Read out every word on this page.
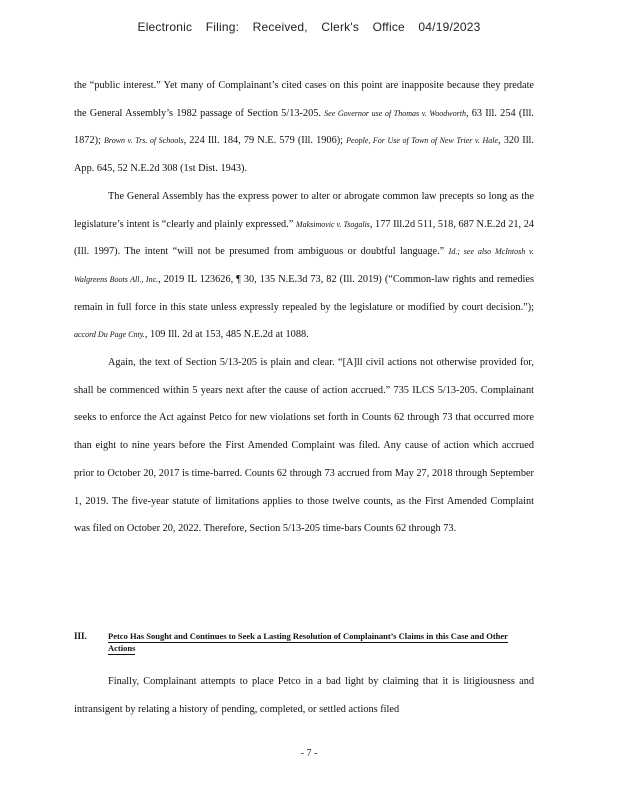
Electronic Filing: Received, Clerk's Office 04/19/2023

the “public interest.” Yet many of Complainant’s cited cases on this point are inapposite because they predate the General Assembly’s 1982 passage of Section 5/13-205. See Governor use of Thomas v. Woodworth, 63 Ill. 254 (Ill. 1872); Brown v. Trs. of Schools, 224 Ill. 184, 79 N.E. 579 (Ill. 1906); People, For Use of Town of New Trier v. Hale, 320 Ill. App. 645, 52 N.E.2d 308 (1st Dist. 1943).

The General Assembly has the express power to alter or abrogate common law precepts so long as the legislature’s intent is “clearly and plainly expressed.” Maksimovic v. Tsogalis, 177 Ill.2d 511, 518, 687 N.E.2d 21, 24 (Ill. 1997). The intent “will not be presumed from ambiguous or doubtful language.” Id.; see also McIntosh v. Walgreens Boots All., Inc., 2019 IL 123626, ¶ 30, 135 N.E.3d 73, 82 (Ill. 2019) (“Common-law rights and remedies remain in full force in this state unless expressly repealed by the legislature or modified by court decision.”); accord Du Page Cnty., 109 Ill. 2d at 153, 485 N.E.2d at 1088.

Again, the text of Section 5/13-205 is plain and clear. “[A]ll civil actions not otherwise provided for, shall be commenced within 5 years next after the cause of action accrued.” 735 ILCS 5/13-205. Complainant seeks to enforce the Act against Petco for new violations set forth in Counts 62 through 73 that occurred more than eight to nine years before the First Amended Complaint was filed. Any cause of action which accrued prior to October 20, 2017 is time-barred. Counts 62 through 73 accrued from May 27, 2018 through September 1, 2019. The five-year statute of limitations applies to those twelve counts, as the First Amended Complaint was filed on October 20, 2022. Therefore, Section 5/13-205 time-bars Counts 62 through 73.

III. Petco Has Sought and Continues to Seek a Lasting Resolution of Complainant’s Claims in this Case and Other Actions

Finally, Complainant attempts to place Petco in a bad light by claiming that it is litigiousness and intransigent by relating a history of pending, completed, or settled actions filed

- 7 -
